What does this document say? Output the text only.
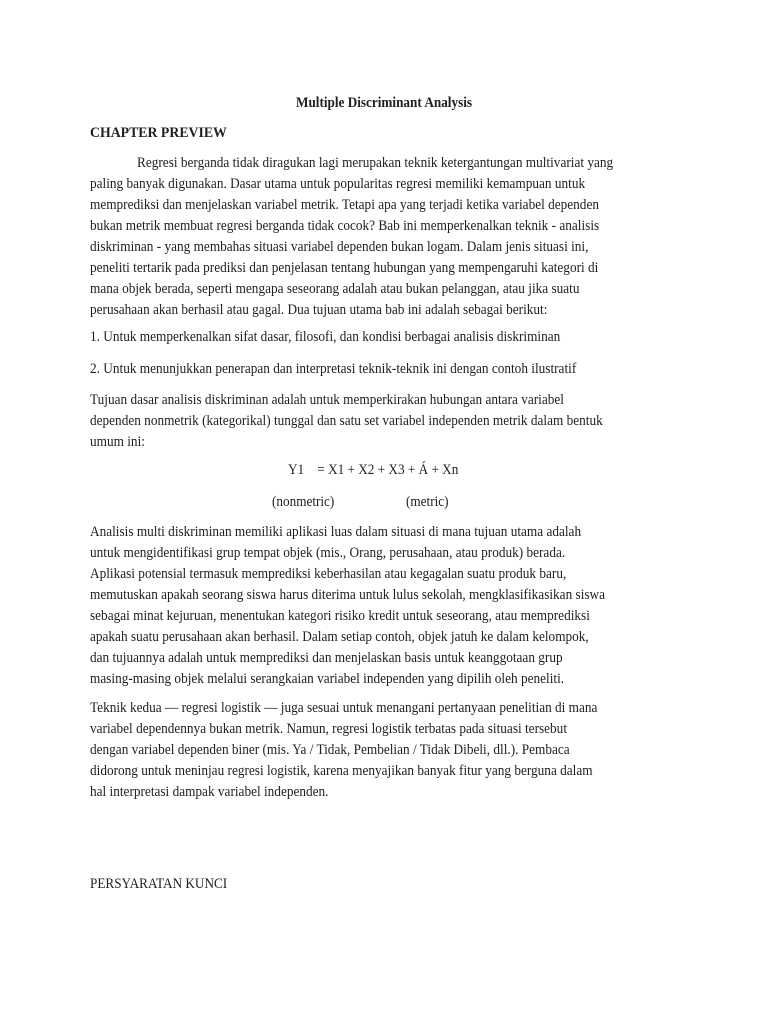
Multiple Discriminant Analysis
CHAPTER PREVIEW
Regresi berganda tidak diragukan lagi merupakan teknik ketergantungan multivariat yang
paling banyak digunakan. Dasar utama untuk popularitas regresi memiliki kemampuan untuk
memprediksi dan menjelaskan variabel metrik. Tetapi apa yang terjadi ketika variabel dependen
bukan metrik membuat regresi berganda tidak cocok? Bab ini memperkenalkan teknik - analisis
diskriminan - yang membahas situasi variabel dependen bukan logam. Dalam jenis situasi ini,
peneliti tertarik pada prediksi dan penjelasan tentang hubungan yang mempengaruhi kategori di
mana objek berada, seperti mengapa seseorang adalah atau bukan pelanggan, atau jika suatu
perusahaan akan berhasil atau gagal. Dua tujuan utama bab ini adalah sebagai berikut:
1. Untuk memperkenalkan sifat dasar, filosofi, dan kondisi berbagai analisis diskriminan
2. Untuk menunjukkan penerapan dan interpretasi teknik-teknik ini dengan contoh ilustratif
Tujuan dasar analisis diskriminan adalah untuk memperkirakan hubungan antara variabel
dependen nonmetrik (kategorikal) tunggal dan satu set variabel independen metrik dalam bentuk
umum ini:
Y1    = X1 + X2 + X3 + Á + Xn
(nonmetric)	(metric)
Analisis multi diskriminan memiliki aplikasi luas dalam situasi di mana tujuan utama adalah
untuk mengidentifikasi grup tempat objek (mis., Orang, perusahaan, atau produk) berada.
Aplikasi potensial termasuk memprediksi keberhasilan atau kegagalan suatu produk baru,
memutuskan apakah seorang siswa harus diterima untuk lulus sekolah, mengklasifikasikan siswa
sebagai minat kejuruan, menentukan kategori risiko kredit untuk seseorang, atau memprediksi
apakah suatu perusahaan akan berhasil. Dalam setiap contoh, objek jatuh ke dalam kelompok,
dan tujuannya adalah untuk memprediksi dan menjelaskan basis untuk keanggotaan grup
masing-masing objek melalui serangkaian variabel independen yang dipilih oleh peneliti.
Teknik kedua — regresi logistik — juga sesuai untuk menangani pertanyaan penelitian di mana
variabel dependennya bukan metrik. Namun, regresi logistik terbatas pada situasi tersebut
dengan variabel dependen biner (mis. Ya / Tidak, Pembelian / Tidak Dibeli, dll.). Pembaca
didorong untuk meninjau regresi logistik, karena menyajikan banyak fitur yang berguna dalam
hal interpretasi dampak variabel independen.
PERSYARATAN KUNCI
